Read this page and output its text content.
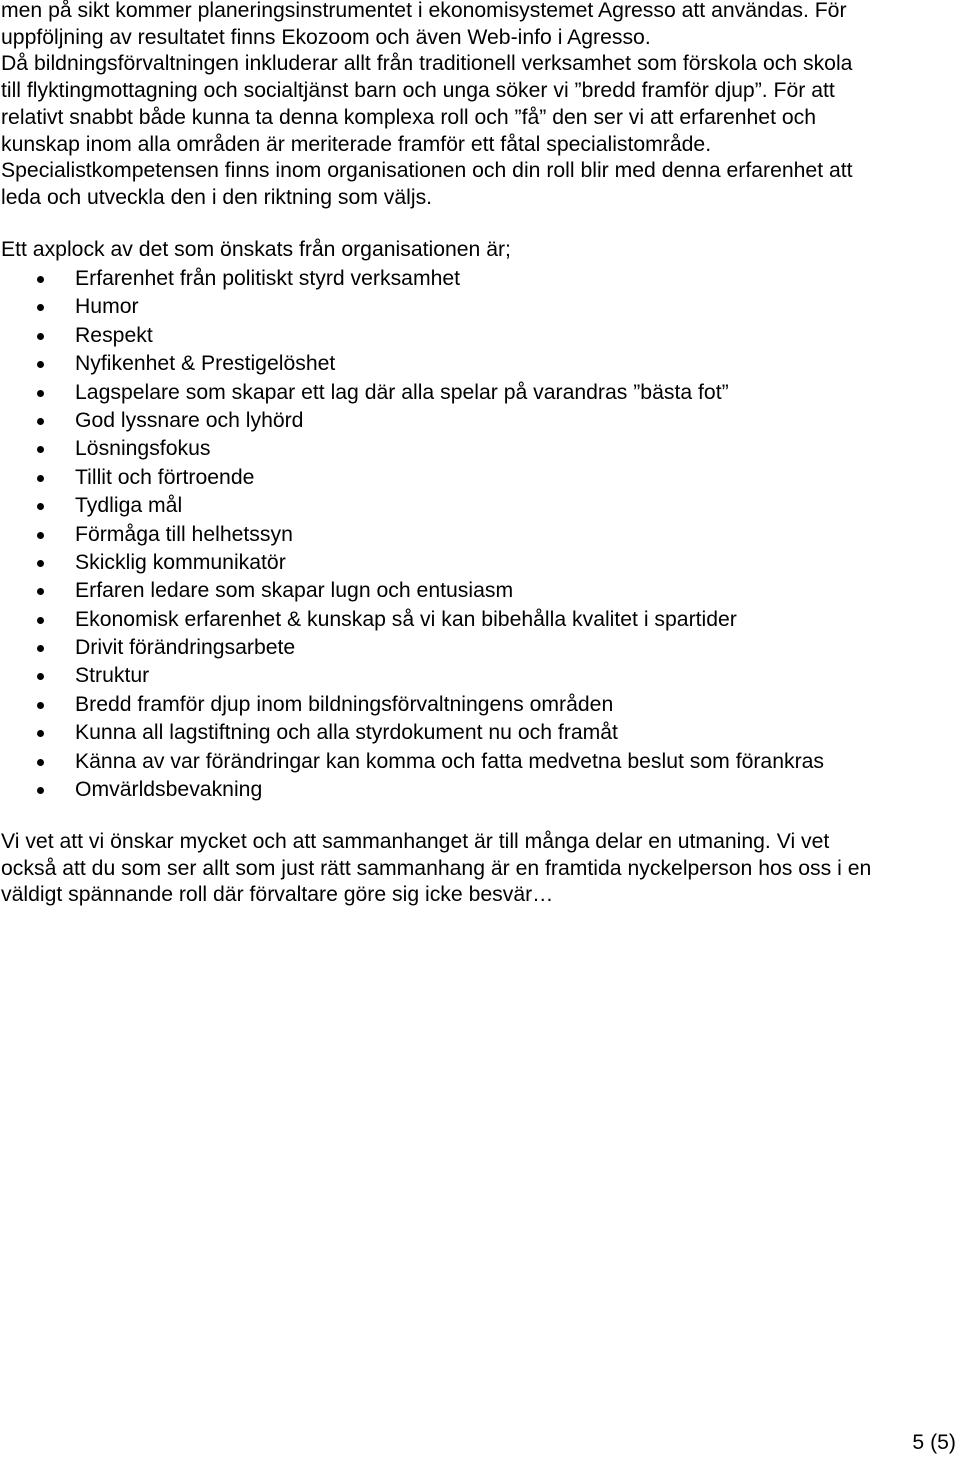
men på sikt kommer planeringsinstrumentet i ekonomisystemet Agresso att användas. För
uppföljning av resultatet finns Ekozoom och även Web-info i Agresso.
Då bildningsförvaltningen inkluderar allt från traditionell verksamhet som förskola och skola
till flyktingmottagning och socialtjänst barn och unga söker vi ”bredd framför djup”. För att
relativt snabbt både kunna ta denna komplexa roll och ”få” den ser vi att erfarenhet och
kunskap inom alla områden är meriterade framför ett fåtal specialistområde.
Specialistkompetensen finns inom organisationen och din roll blir med denna erfarenhet att
leda och utveckla den i den riktning som väljs.

Ett axplock av det som önskats från organisationen är;

Erfarenhet från politiskt styrd verksamhet
Humor
Respekt
Nyfikenhet & Prestigelöshet
Lagspelare som skapar ett lag där alla spelar på varandras ”bästa fot”
God lyssnare och lyhörd
Lösningsfokus
Tillit och förtroende
Tydliga mål
Förmåga till helhetssyn
Skicklig kommunikatör
Erfaren ledare som skapar lugn och entusiasm
Ekonomisk erfarenhet & kunskap så vi kan bibehålla kvalitet i spartider
Drivit förändringsarbete
Struktur
Bredd framför djup inom bildningsförvaltningens områden
Kunna all lagstiftning och alla styrdokument nu och framåt
Känna av var förändringar kan komma och fatta medvetna beslut som förankras
Omvärldsbevakning

Vi vet att vi önskar mycket och att sammanhanget är till många delar en utmaning. Vi vet
också att du som ser allt som just rätt sammanhang är en framtida nyckelperson hos oss i en
väldigt spännande roll där förvaltare göre sig icke besvär…

5 (5)
